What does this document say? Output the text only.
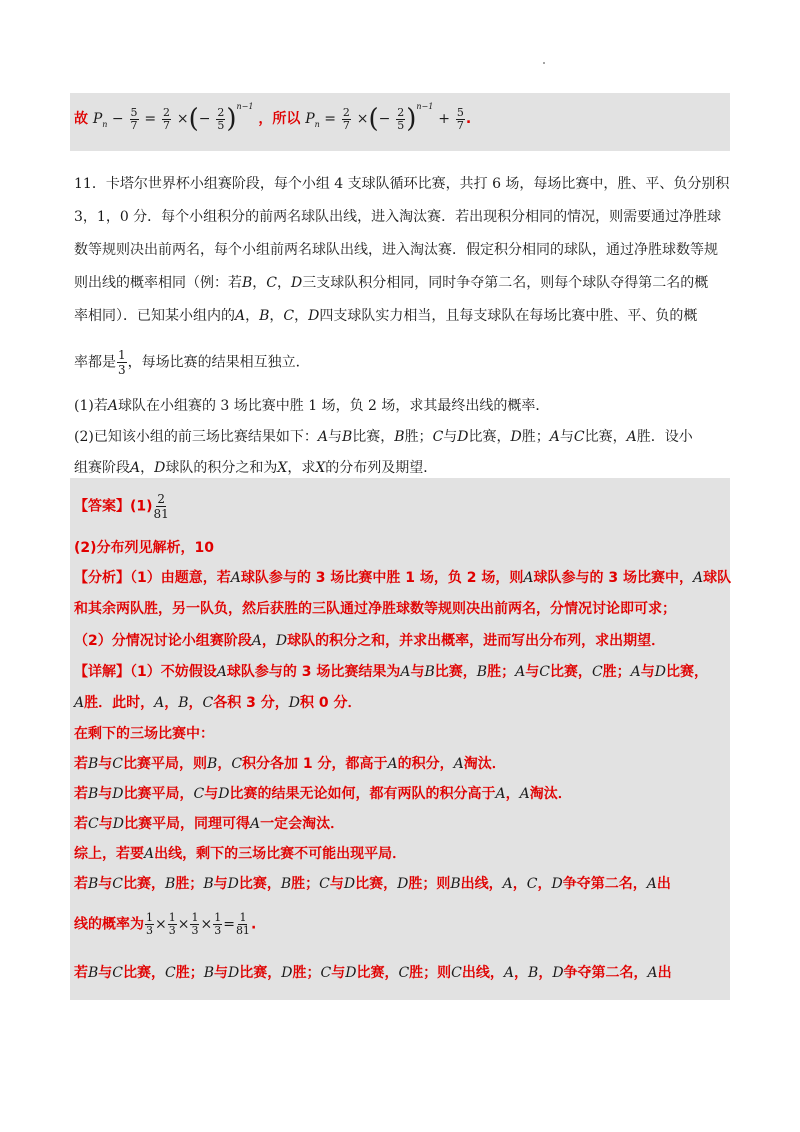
故 $P_n - \frac{5}{7} = \frac{2}{7}$ ×(− $\frac{2}{5} )^{n-1}$ ，所以 $P_n = \frac{2}{7}$ ×(− $\frac{2}{5} )^{n-1} + \frac{5}{7}$ .
11．卡塔尔世界杯小组赛阶段，每个小组 4 支球队循环比赛，共打 6 场，每场比赛中，胜、平、负分别积
3，1，0 分．每个小组积分的前两名球队出线，进入淘汰赛．若出现积分相同的情况，则需要通过净胜球
数等规则决出前两名，每个小组前两名球队出线，进入淘汰赛．假定积分相同的球队，通过净胜球数等规
则出线的概率相同（例：若B，C，D三支球队积分相同，同时争夺第二名，则每个球队夺得第二名的概
率相同）．已知某小组内的A，B，C，D四支球队实力相当，且每支球队在每场比赛中胜、平、负的概
率都是 $\frac{1}{3}$ ，每场比赛的结果相互独立．
(1)若A球队在小组赛的 3 场比赛中胜 1 场，负 2 场，求其最终出线的概率．
(2)已知该小组的前三场比赛结果如下：A与B比赛，B胜；C与D比赛，D胜；A与C比赛，A胜．设小
组赛阶段A，D球队的积分之和为X，求X的分布列及期望．
【答案】$(1) \frac{2}{81}$
(2)分布列见解析，10
【分析】（1）由题意，若A球队参与的 3 场比赛中胜 1 场，负 2 场，则A球队参与的 3 场比赛中，A球队
和其余两队胜，另一队负，然后获胜的三队通过净胜球数等规则决出前两名，分情况讨论即可求；
（2）分情况讨论小组赛阶段A，D球队的积分之和，并求出概率，进而写出分布列，求出期望．
【详解】（1）不妨假设A球队参与的 3 场比赛结果为A与B比赛，B胜；A与C比赛，C胜；A与D比赛，
A胜．此时，A，B，C各积 3 分，D积 0 分．
在剩下的三场比赛中：
若B与C比赛平局，则B，C积分各加 1 分，都高于A的积分，A淘汰．
若B与D比赛平局，C与D比赛的结果无论如何，都有两队的积分高于A，A淘汰．
若C与D比赛平局，同理可得A一定会淘汰．
综上，若要A出线，剩下的三场比赛不可能出现平局．
若B与C比赛，B胜；B与D比赛，B胜；C与D比赛，D胜；则B出线，A，C，D争夺第二名，A出
线的概率为 $\frac{1}{3} \times \frac{1}{3} \times \frac{1}{3} \times \frac{1}{3} = \frac{1}{81}$ .
若B与C比赛，C胜；B与D比赛，D胜；C与D比赛，C胜；则C出线，A，B，D争夺第二名，A出
